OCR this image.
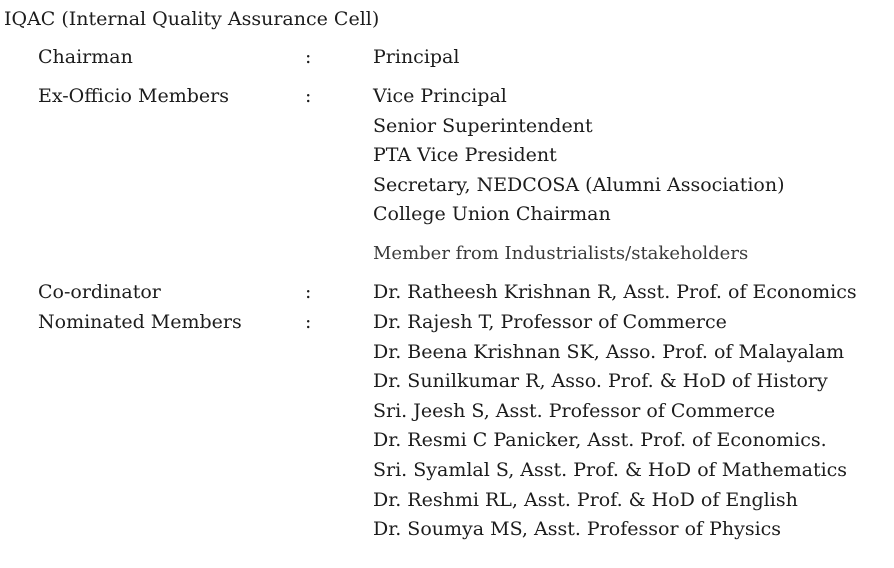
IQAC (Internal Quality Assurance Cell)
Chairman	:	Principal
Ex-Officio Members	:	Vice Principal
Senior Superintendent
PTA Vice President
Secretary, NEDCOSA (Alumni Association)
College Union Chairman
Member from Industrialists/stakeholders
Co-ordinator	:	Dr. Ratheesh Krishnan R, Asst. Prof. of Economics
Nominated Members	:	Dr. Rajesh T, Professor of Commerce
Dr. Beena Krishnan SK, Asso. Prof. of Malayalam
Dr. Sunilkumar R, Asso. Prof. & HoD of History
Sri. Jeesh S, Asst. Professor of Commerce
Dr. Resmi C Panicker, Asst. Prof. of Economics.
Sri. Syamlal S, Asst. Prof. & HoD of Mathematics
Dr. Reshmi RL, Asst. Prof. & HoD of English
Dr. Soumya MS, Asst. Professor of Physics
